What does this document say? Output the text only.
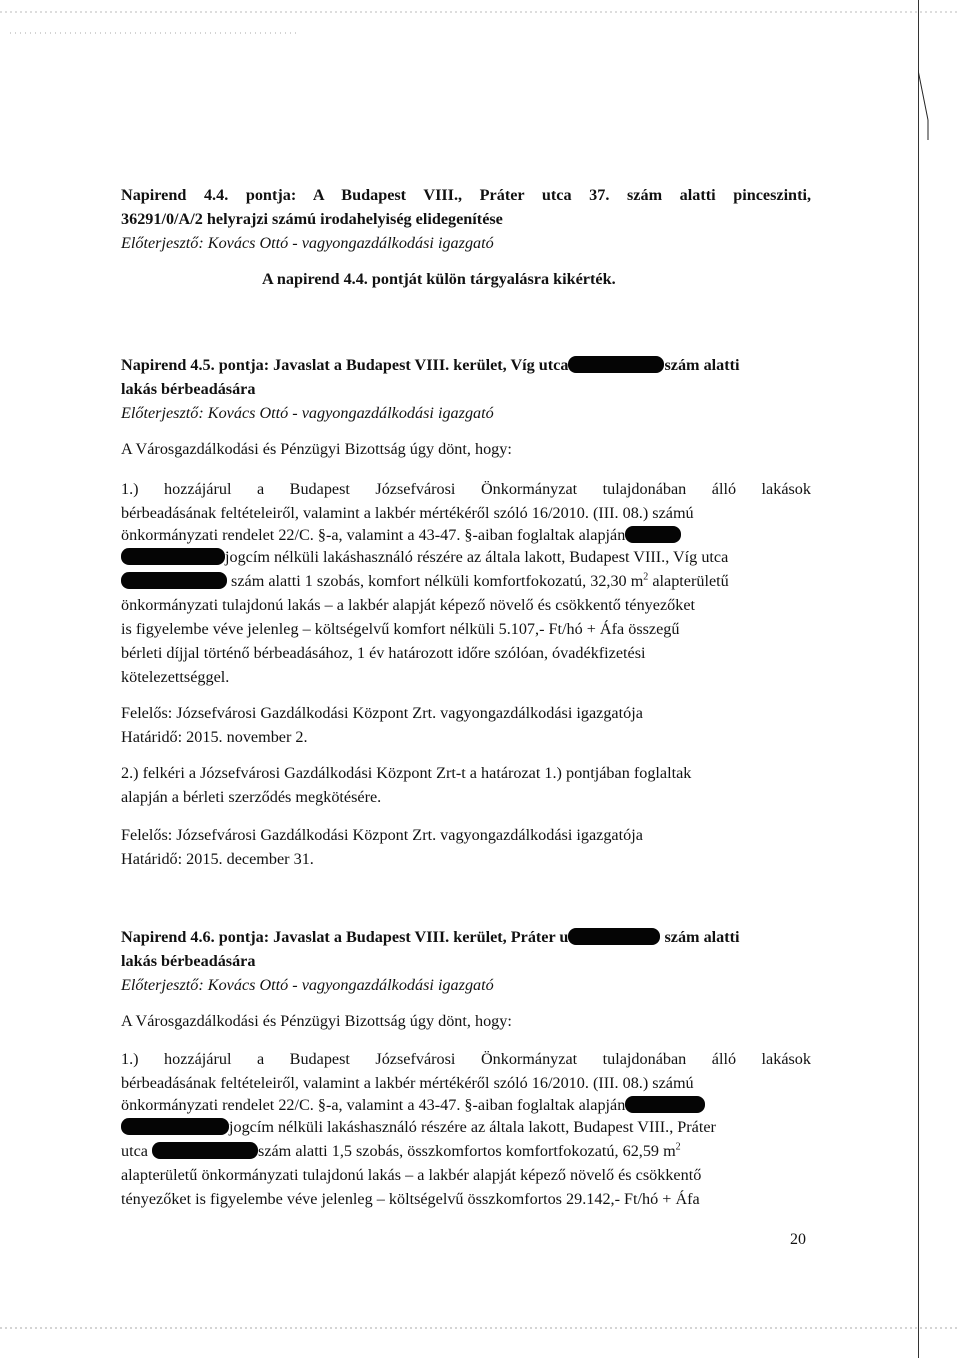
Napirend 4.4. pontja: A Budapest VIII., Práter utca 37. szám alatti pinceszinti,
36291/0/A/2 helyrajzi számú irodahelyiség elidegenítése
Előterjesztő: Kovács Ottó - vagyongazdálkodási igazgató
A napirend 4.4. pontját külön tárgyalásra kikérték.
Napirend 4.5. pontja: Javaslat a Budapest VIII. kerület, Víg utca	szám alatti
lakás bérbeadására
Előterjesztő: Kovács Ottó - vagyongazdálkodási igazgató
A Városgazdálkodási és Pénzügyi Bizottság úgy dönt, hogy:
1.) hozzájárul a Budapest Józsefvárosi Önkormányzat tulajdonában álló lakások
bérbeadásának feltételeiről, valamint a lakbér mértékéről szóló 16/2010. (III. 08.) számú
önkormányzati rendelet 22/C. §-a, valamint a 43-47. §-aiban foglaltak alapján
jogcím nélküli lakáshasználó részére az általa lakott, Budapest VIII., Víg utca
szám alatti 1 szobás, komfort nélküli komfortfokozatú, 32,30 $m^2$ alapterületű
önkormányzati tulajdonú lakás – a lakbér alapját képező növelő és csökkentő tényezőket
is figyelembe véve jelenleg – költségelvű komfort nélküli 5.107,- Ft/hó + Áfa összegű
bérleti díjjal történő bérbeadásához, 1 év határozott időre szólóan, óvadékfizetési
kötelezettséggel.
Felelős: Józsefvárosi Gazdálkodási Központ Zrt. vagyongazdálkodási igazgatója
Határidő: 2015. november 2.
2.) felkéri a Józsefvárosi Gazdálkodási Központ Zrt-t a határozat 1.) pontjában foglaltak
alapján a bérleti szerződés megkötésére.
Felelős: Józsefvárosi Gazdálkodási Központ Zrt. vagyongazdálkodási igazgatója
Határidő: 2015. december 31.
Napirend 4.6. pontja: Javaslat a Budapest VIII. kerület, Práter u	szám alatti
lakás bérbeadására
Előterjesztő: Kovács Ottó - vagyongazdálkodási igazgató
A Városgazdálkodási és Pénzügyi Bizottság úgy dönt, hogy:
1.) hozzájárul a Budapest Józsefvárosi Önkormányzat tulajdonában álló lakások
bérbeadásának feltételeiről, valamint a lakbér mértékéről szóló 16/2010. (III. 08.) számú
önkormányzati rendelet 22/C. §-a, valamint a 43-47. §-aiban foglaltak alapján
jogcím nélküli lakáshasználó részére az általa lakott, Budapest VIII., Práter
utca	szám alatti 1,5 szobás, összkomfortos komfortfokozatú, 62,59 $m^2$
alapterületű önkormányzati tulajdonú lakás – a lakbér alapját képező növelő és csökkentő
tényezőket is figyelembe véve jelenleg – költségelvű összkomfortos 29.142,- Ft/hó + Áfa
20
